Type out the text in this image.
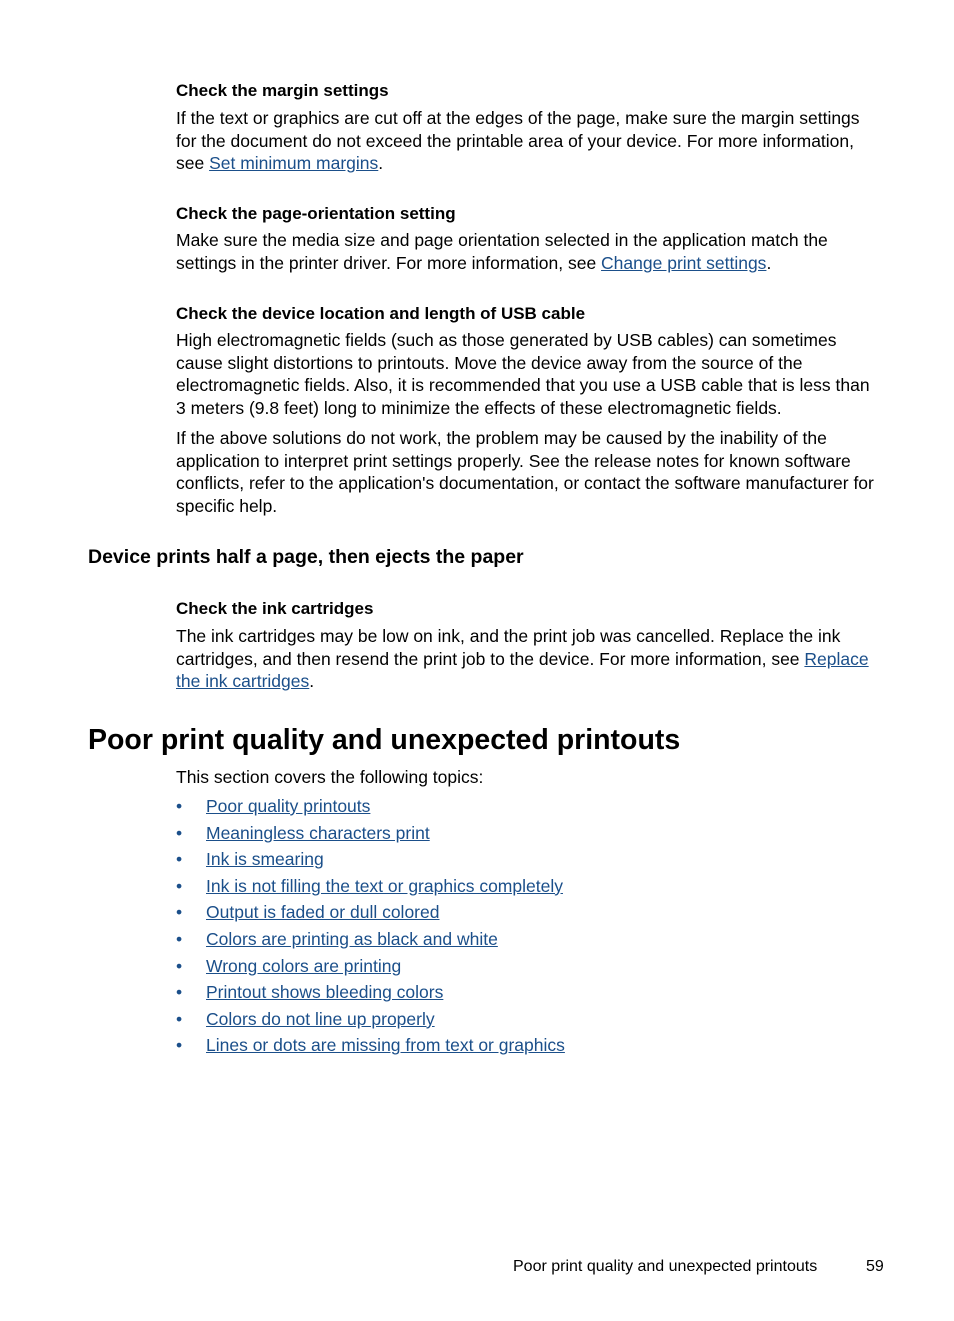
Check the margin settings

If the text or graphics are cut off at the edges of the page, make sure the margin settings for the document do not exceed the printable area of your device. For more information, see Set minimum margins.

Check the page-orientation setting

Make sure the media size and page orientation selected in the application match the settings in the printer driver. For more information, see Change print settings.

Check the device location and length of USB cable

High electromagnetic fields (such as those generated by USB cables) can sometimes cause slight distortions to printouts. Move the device away from the source of the electromagnetic fields. Also, it is recommended that you use a USB cable that is less than 3 meters (9.8 feet) long to minimize the effects of these electromagnetic fields.

If the above solutions do not work, the problem may be caused by the inability of the application to interpret print settings properly. See the release notes for known software conflicts, refer to the application's documentation, or contact the software manufacturer for specific help.

Device prints half a page, then ejects the paper

Check the ink cartridges

The ink cartridges may be low on ink, and the print job was cancelled. Replace the ink cartridges, and then resend the print job to the device. For more information, see Replace the ink cartridges.

Poor print quality and unexpected printouts

This section covers the following topics:

• Poor quality printouts
• Meaningless characters print
• Ink is smearing
• Ink is not filling the text or graphics completely
• Output is faded or dull colored
• Colors are printing as black and white
• Wrong colors are printing
• Printout shows bleeding colors
• Colors do not line up properly
• Lines or dots are missing from text or graphics
Poor print quality and unexpected printouts	59
